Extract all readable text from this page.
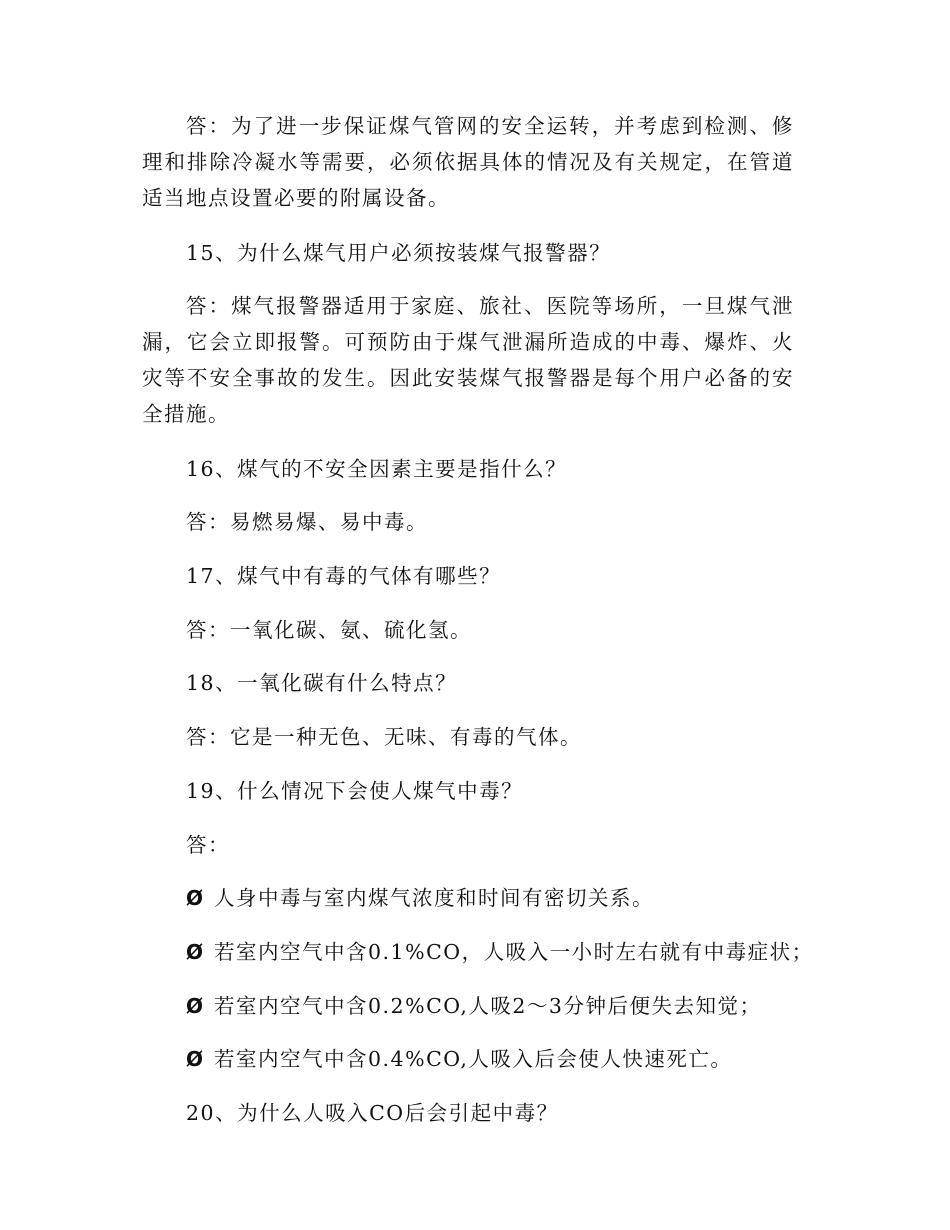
答：为了进一步保证煤气管网的安全运转，并考虑到检测、修理和排除冷凝水等需要，必须依据具体的情况及有关规定，在管道适当地点设置必要的附属设备。

15、为什么煤气用户必须按装煤气报警器？

答：煤气报警器适用于家庭、旅社、医院等场所，一旦煤气泄漏，它会立即报警。可预防由于煤气泄漏所造成的中毒、爆炸、火灾等不安全事故的发生。因此安装煤气报警器是每个用户必备的安全措施。

16、煤气的不安全因素主要是指什么？

答：易燃易爆、易中毒。

17、煤气中有毒的气体有哪些？

答：一氧化碳、氨、硫化氢。

18、一氧化碳有什么特点？

答：它是一种无色、无味、有毒的气体。

19、什么情况下会使人煤气中毒？

答：

Ø 人身中毒与室内煤气浓度和时间有密切关系。

Ø 若室内空气中含0.1%CO，人吸入一小时左右就有中毒症状；

Ø 若室内空气中含0.2%CO,人吸2～3分钟后便失去知觉；

Ø 若室内空气中含0.4%CO,人吸入后会使人快速死亡。

20、为什么人吸入CO后会引起中毒？
